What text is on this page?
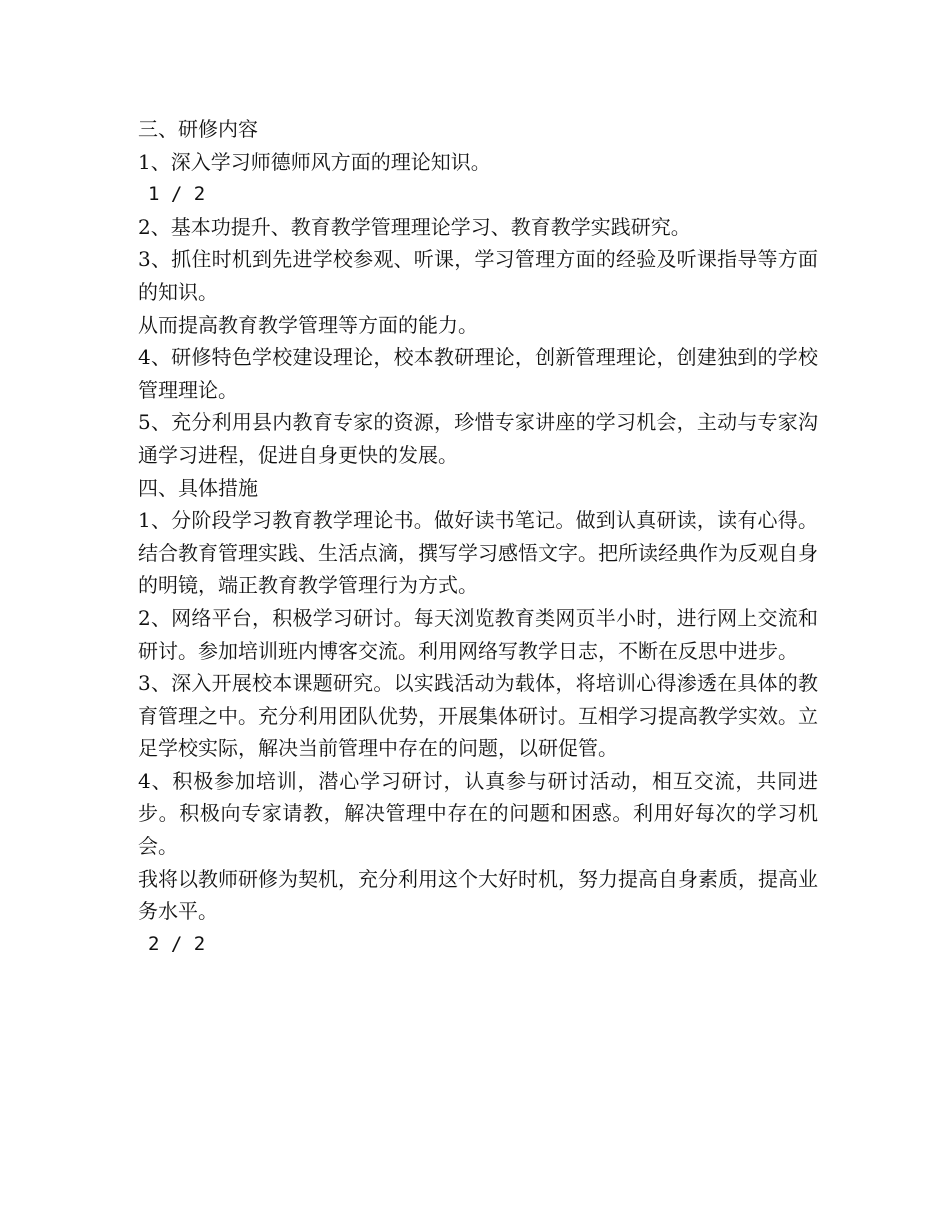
三、研修内容

1、深入学习师德师风方面的理论知识。

1 / 2

2、基本功提升、教育教学管理理论学习、教育教学实践研究。

3、抓住时机到先进学校参观、听课，学习管理方面的经验及听课指导等方面的知识。

从而提高教育教学管理等方面的能力。

4、研修特色学校建设理论，校本教研理论，创新管理理论，创建独到的学校管理理论。

5、充分利用县内教育专家的资源，珍惜专家讲座的学习机会，主动与专家沟通学习进程，促进自身更快的发展。

四、具体措施

1、分阶段学习教育教学理论书。做好读书笔记。做到认真研读，读有心得。结合教育管理实践、生活点滴，撰写学习感悟文字。把所读经典作为反观自身的明镜，端正教育教学管理行为方式。

2、网络平台，积极学习研讨。每天浏览教育类网页半小时，进行网上交流和研讨。参加培训班内博客交流。利用网络写教学日志，不断在反思中进步。

3、深入开展校本课题研究。以实践活动为载体，将培训心得渗透在具体的教育管理之中。充分利用团队优势，开展集体研讨。互相学习提高教学实效。立足学校实际，解决当前管理中存在的问题，以研促管。

4、积极参加培训，潜心学习研讨，认真参与研讨活动，相互交流，共同进步。积极向专家请教，解决管理中存在的问题和困惑。利用好每次的学习机会。

我将以教师研修为契机，充分利用这个大好时机，努力提高自身素质，提高业务水平。

2 / 2
